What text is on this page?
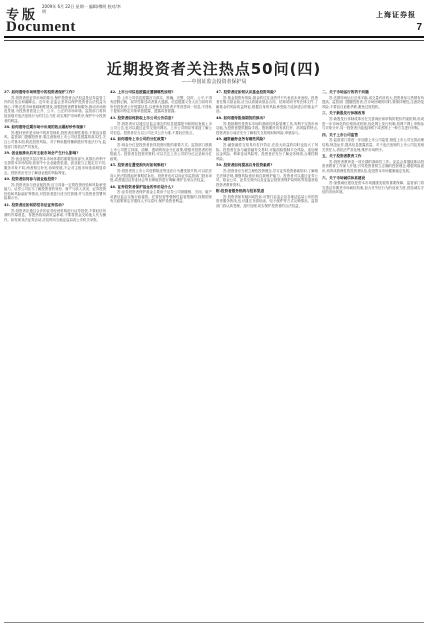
专版
2009年 6月 22日 星期一 编辑/傅明 校对/李明
Document
上海证券报
7
近期投资者关注热点50问(四)
——中国证监会投资者保护局

37. 如何看待市场转型中的投资者保护工作?

答:投资者是证券市场的基石,保护投资者合法权益是证券监管工作的出发点和落脚点。近年来,证监会坚持以保护投资者合法权益为核心,不断完善市场基础制度建设,加强投资者教育和服务,推动市场规范发展,为投资者营造公开、公平、公正的市场环境。监管部门将持续加强对违法违规行为的打击力度,切实维护市场秩序,保护中小投资者的利益。

38. 如何看待近期市场中出现的热点题材炒作现象?

答:题材炒作是市场中的常见现象,投资者应理性看待,不要盲目跟风。监管部门提醒投资者,要注意甄别上市公司信息披露的真实性,关注公司基本面,防范投资风险。对于利用题材操纵股价等违法行为,监管部门将依法严厉查处。

39. 创业板推出后对主板市场会产生什么影响?

答:创业板是多层次资本市场体系的重要组成部分,其推出有利于完善资本市场结构,拓宽中小企业融资渠道。创业板与主板定位不同,服务对象不同,两者相互补充,协调发展,不会对主板市场造成明显冲击。投资者应充分了解创业板的风险特征。

40. 投资者如何参与创业板投资?

答:投资者参与创业板投资,应当具备一定的投资经验和风险承受能力。证券公司应当了解投资者的身份、财产与收入状况、证券投资经验和风险偏好等情况,对投资者进行适当性管理,并与投资者签署风险揭示书。

41. 投资者应如何防范非法证券活动?

答:投资者应通过合法的证券经营机构进行证券投资,不要轻信所谓的内幕消息、荐股热线和高收益承诺,不要将资金交给他人代为操作。如发现非法证券活动,应及时向当地证监局或公安机关举报。

42. 上市公司信息披露应遵循哪些原则?

答:上市公司信息披露应当真实、准确、完整、及时、公平,不得有虚假记载、误导性陈述或者重大遗漏。信息披露义务人应当同时向所有投资者公开披露信息,以使所有投资者平等获悉同一信息,不得私下提前向特定对象单独披露、透露或者泄露。

43. 投资者如何获取上市公司公告信息?

答:投资者可以通过证监会指定的信息披露报刊和网站查阅上市公司公告,也可以通过证券交易所网站、上市公司网站等渠道了解公司信息。投资者应当以公司正式公告为准,不要轻信传言。

44. 如何看待上市公司的分红政策?

答:现金分红是投资者获得投资回报的重要方式。监管部门鼓励上市公司建立持续、清晰、透明的现金分红政策,增强对投资者的回报能力。投资者在投资决策时,可以关注上市公司的分红记录和分红政策。

45. 投资者在遭受损失时如何维权?

答:投资者因上市公司虚假陈述等违法行为遭受损失的,可以依法向人民法院提起民事赔偿诉讼。投资者也可以向证券监管部门投诉举报,或者通过证券业协会等自律组织进行调解,维护自身合法权益。

46. 证券投资者保护基金的作用是什么?

答:证券投资者保护基金主要用于证券公司被撤销、关闭、破产或被证监会实施行政接管、托管经营等强制性监管措施时,按照国家有关政策规定对债权人予以偿付,保护投资者利益。

47. 投资者应如何认识基金投资风险?

答:基金投资有风险,基金的过往业绩并不代表其未来表现。投资者在购买基金前,应当认真阅读基金合同、招募说明书等法律文件,了解基金的风险收益特征,根据自身的风险承受能力选择适合的基金产品。

48. 如何看待股指期货的推出?

答:股指期货是资本市场的基础性风险管理工具,有利于完善市场功能,为投资者提供避险手段。股指期货具有高杠杆、高风险的特点,投资者参与前应充分了解相关交易规则和风险,审慎参与。

49. 融资融券业务有哪些风险?

答:融资融券交易具有杠杆效应,在放大收益的同时也放大了风险。投资者在参与融资融券交易时,可能面临强制平仓风险、追加保证金风险、利率变动风险等。投资者应充分了解业务规则,合理控制风险。

50. 投资者如何提高自身投资素质?

答:投资者应当树立理性投资理念,学习证券投资基础知识,了解相关法律法规,增强风险意识和自我保护能力。投资者可以通过证券公司、基金公司、证券交易所以及证监会投资者保护局网站等渠道获取投资者教育资料。

附:投资者服务热线与投诉渠道

答:投资者如有疑问或投诉,可拨打证监会及各地证监局公布的投资者服务热线,也可通过书面信函、电子邮件等方式反映情况。监管部门将认真受理、及时处理,切实保护投资者的合法权益。

二、关于市场运行的若干问题

答:近期市场运行总体平稳,成交量有所放大,投资者参与热情有所提高。监管部门提醒投资者,在市场回暖的同时,要保持理性,注意防范风险,不要盲目追涨杀跌,避免过度投机。

三、关于新股发行体制改革

答:新股发行体制改革旨在完善询价和申购的报价约束机制,形成进一步市场化的价格形成机制,优化网上发行机制,将网下网上申购参与对象分开,同一投资者只能选择网下或者网上一种方式进行申购。

四、关于上市公司监管

答:监管部门将进一步加强上市公司监管,督促上市公司完善治理结构,规范运作,提高信息披露质量。对于违法违规的上市公司及其相关责任人,将依法严肃处理,维护市场秩序。

五、关于投资者教育工作

答:投资者教育是一项长期的基础性工作。证监会将继续推动投资者教育工作深入开展,引导投资者树立正确的投资理念,增强风险意识,培育成熟理性的投资者队伍,促进资本市场健康稳定发展。

六、关于市场诚信体系建设

答:加强诚信建设是资本市场健康发展的重要保障。监管部门将完善证券期货市场诚信档案,加大对失信行为的惩戒力度,营造诚实守信的市场环境。
